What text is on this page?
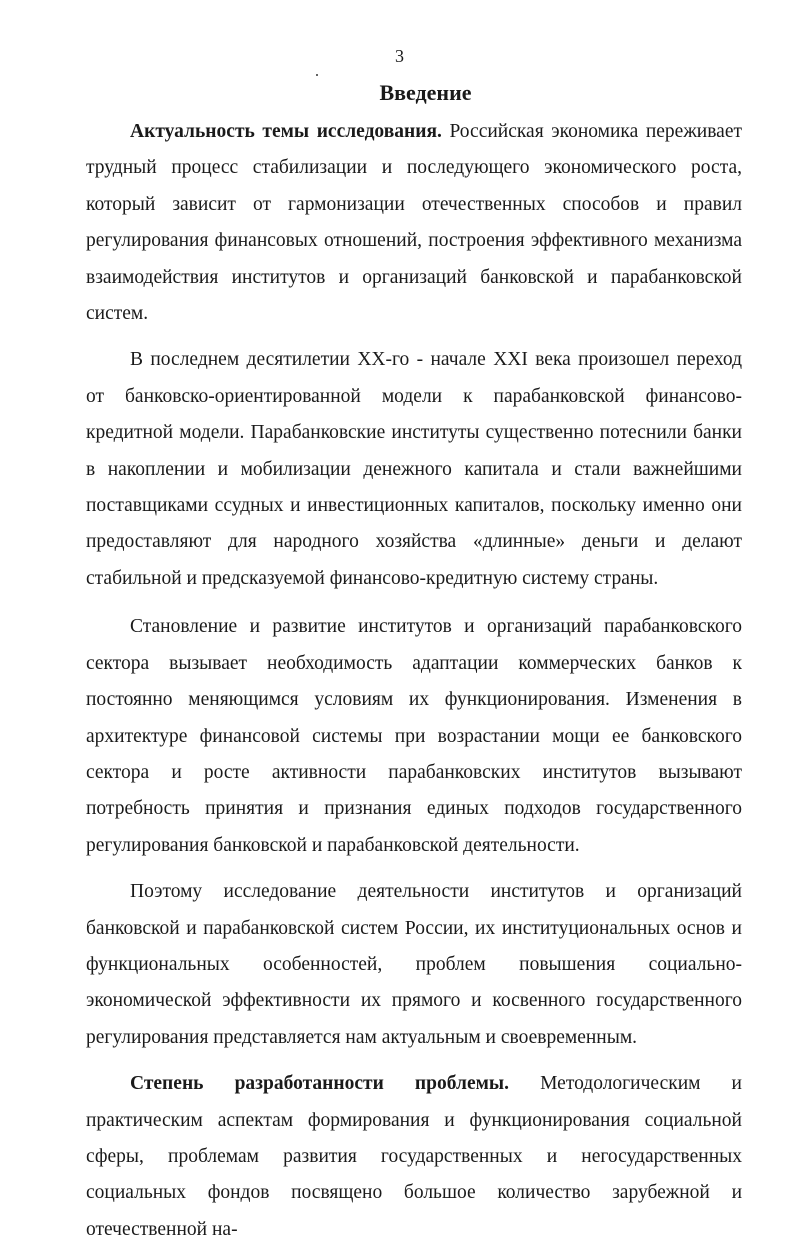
3
Введение

Актуальность темы исследования. Российская экономика переживает трудный процесс стабилизации и последующего экономического роста, который зависит от гармонизации отечественных способов и правил регулирования финансовых отношений, построения эффективного механизма взаимодействия институтов и организаций банковской и парабанковской систем.

В последнем десятилетии XX-го - начале XXI века произошел переход от банковско-ориентированной модели к парабанковской финансово-кредитной модели. Парабанковские институты существенно потеснили банки в накоплении и мобилизации денежного капитала и стали важнейшими поставщиками ссудных и инвестиционных капиталов, поскольку именно они предоставляют для народного хозяйства «длинные» деньги и делают стабильной и предсказуемой финансово-кредитную систему страны.

Становление и развитие институтов и организаций парабанковского сектора вызывает необходимость адаптации коммерческих банков к постоянно меняющимся условиям их функционирования. Изменения в архитектуре финансовой системы при возрастании мощи ее банковского сектора и росте активности парабанковских институтов вызывают потребность принятия и признания единых подходов государственного регулирования банковской и парабанковской деятельности.

Поэтому исследование деятельности институтов и организаций банковской и парабанковской систем России, их институциональных основ и функциональных особенностей, проблем повышения социально-экономической эффективности их прямого и косвенного государственного регулирования представляется нам актуальным и своевременным.

Степень разработанности проблемы. Методологическим и практическим аспектам формирования и функционирования социальной сферы, проблемам развития государственных и негосударственных социальных фондов посвящено большое количество зарубежной и отечественной на-
